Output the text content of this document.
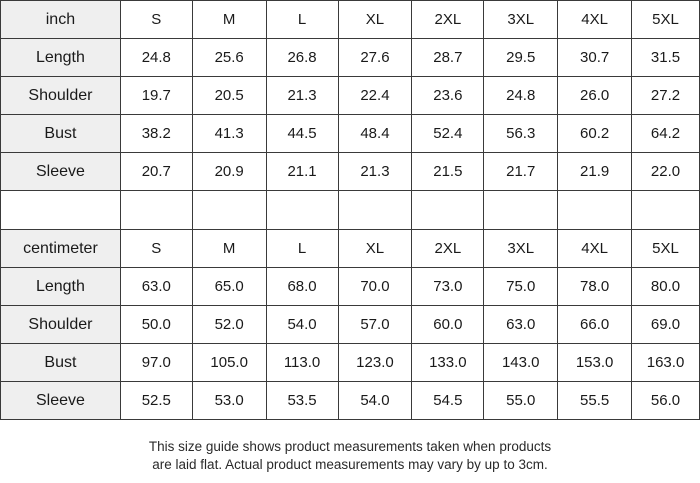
inch	S	M	L	XL	2XL	3XL	4XL	5XL
Length	24.8	25.6	26.8	27.6	28.7	29.5	30.7	31.5
Shoulder	19.7	20.5	21.3	22.4	23.6	24.8	26.0	27.2
Bust	38.2	41.3	44.5	48.4	52.4	56.3	60.2	64.2
Sleeve	20.7	20.9	21.1	21.3	21.5	21.7	21.9	22.0

centimeter	S	M	L	XL	2XL	3XL	4XL	5XL
Length	63.0	65.0	68.0	70.0	73.0	75.0	78.0	80.0
Shoulder	50.0	52.0	54.0	57.0	60.0	63.0	66.0	69.0
Bust	97.0	105.0	113.0	123.0	133.0	143.0	153.0	163.0
Sleeve	52.5	53.0	53.5	54.0	54.5	55.0	55.5	56.0
This size guide shows product measurements taken when products
are laid flat. Actual product measurements may vary by up to 3cm.
